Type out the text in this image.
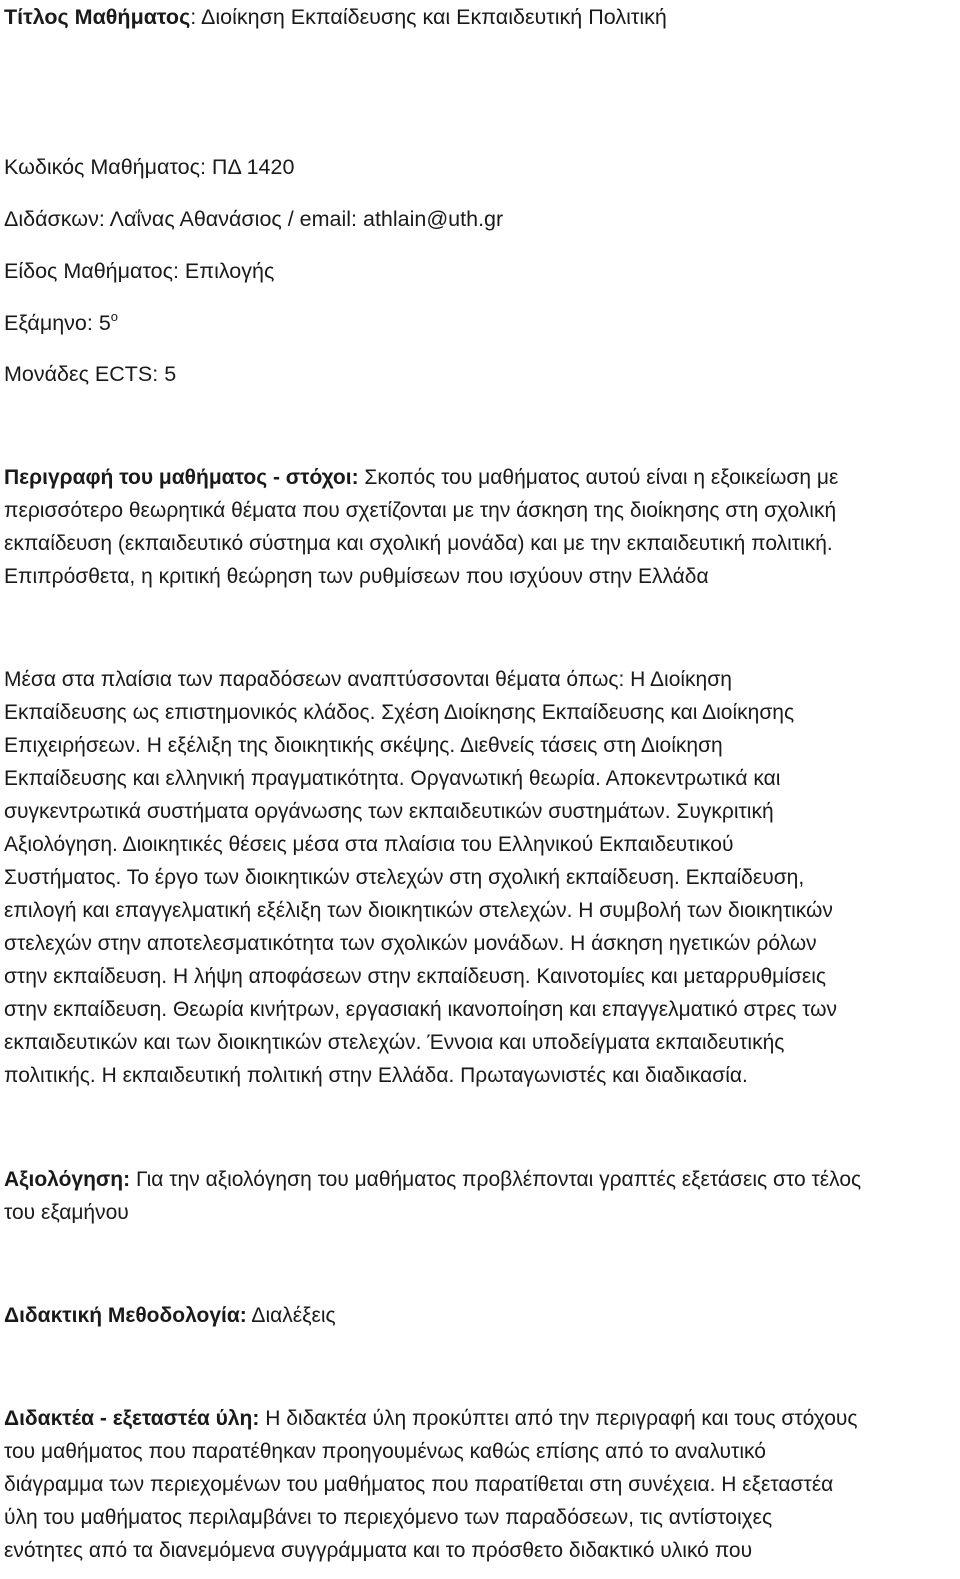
Τίτλος Μαθήματος: Διοίκηση Εκπαίδευσης και Εκπαιδευτική Πολιτική
Κωδικός Μαθήματος: ΠΔ 1420
Διδάσκων: Λαΐνας Αθανάσιος / email: athlain@uth.gr
Είδος Μαθήματος: Επιλογής
Εξάμηνο: $5^o$
Μονάδες ECTS: 5

Περιγραφή του μαθήματος - στόχοι: Σκοπός του μαθήματος αυτού είναι η εξοικείωση με
περισσότερο θεωρητικά θέματα που σχετίζονται με την άσκηση της διοίκησης στη σχολική
εκπαίδευση (εκπαιδευτικό σύστημα και σχολική μονάδα) και με την εκπαιδευτική πολιτική.
Επιπρόσθετα, η κριτική θεώρηση των ρυθμίσεων που ισχύουν στην Ελλάδα

Μέσα στα πλαίσια των παραδόσεων αναπτύσσονται θέματα όπως: Η Διοίκηση
Εκπαίδευσης ως επιστημονικός κλάδος. Σχέση Διοίκησης Εκπαίδευσης και Διοίκησης
Επιχειρήσεων. Η εξέλιξη της διοικητικής σκέψης. Διεθνείς τάσεις στη Διοίκηση
Εκπαίδευσης και ελληνική πραγματικότητα. Οργανωτική θεωρία. Αποκεντρωτικά και
συγκεντρωτικά συστήματα οργάνωσης των εκπαιδευτικών συστημάτων. Συγκριτική
Αξιολόγηση. Διοικητικές θέσεις μέσα στα πλαίσια του Ελληνικού Εκπαιδευτικού
Συστήματος. Το έργο των διοικητικών στελεχών στη σχολική εκπαίδευση. Εκπαίδευση,
επιλογή και επαγγελματική εξέλιξη των διοικητικών στελεχών. Η συμβολή των διοικητικών
στελεχών στην αποτελεσματικότητα των σχολικών μονάδων. Η άσκηση ηγετικών ρόλων
στην εκπαίδευση. Η λήψη αποφάσεων στην εκπαίδευση. Καινοτομίες και μεταρρυθμίσεις
στην εκπαίδευση. Θεωρία κινήτρων, εργασιακή ικανοποίηση και επαγγελματικό στρες των
εκπαιδευτικών και των διοικητικών στελεχών. Έννοια και υποδείγματα εκπαιδευτικής
πολιτικής. Η εκπαιδευτική πολιτική στην Ελλάδα. Πρωταγωνιστές και διαδικασία.

Αξιολόγηση: Για την αξιολόγηση του μαθήματος προβλέπονται γραπτές εξετάσεις στο τέλος
του εξαμήνου

Διδακτική Μεθοδολογία: Διαλέξεις

Διδακτέα - εξεταστέα ύλη: Η διδακτέα ύλη προκύπτει από την περιγραφή και τους στόχους
του μαθήματος που παρατέθηκαν προηγουμένως καθώς επίσης από το αναλυτικό
διάγραμμα των περιεχομένων του μαθήματος που παρατίθεται στη συνέχεια. Η εξεταστέα
ύλη του μαθήματος περιλαμβάνει το περιεχόμενο των παραδόσεων, τις αντίστοιχες
ενότητες από τα διανεμόμενα συγγράμματα και το πρόσθετο διδακτικό υλικό που
